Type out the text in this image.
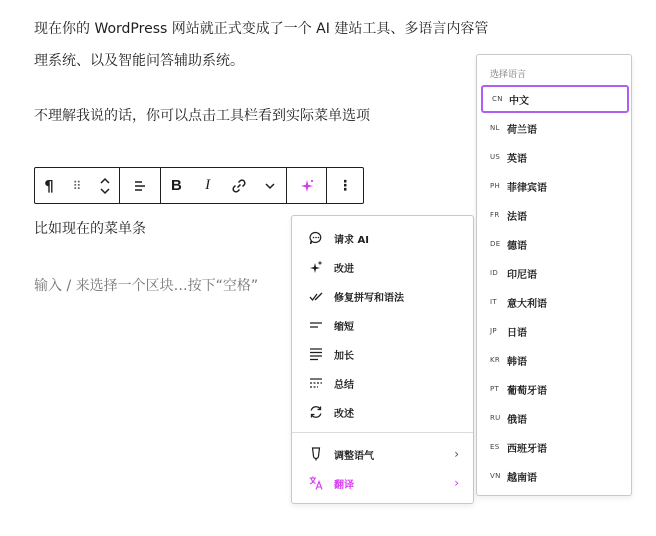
现在你的 WordPress 网站就正式变成了一个 AI 建站工具、多语言内容管
理系统、以及智能问答辅助系统。
不理解我说的话，你可以点击工具栏看到实际菜单选项
¶	⠿	B	I	⋮
比如现在的菜单条
输入 / 来选择一个区块…按下“空格”
请求 AI
改进
修复拼写和语法
缩短
加长
总结
改述
调整语气	›
翻译	›
选择语言
CN 中文
NL 荷兰语
US 英语
PH 菲律宾语
FR 法语
DE 德语
ID 印尼语
IT	意大利语
JP	日语
KR 韩语
PT 葡萄牙语
RU 俄语
ES 西班牙语
VN 越南语
